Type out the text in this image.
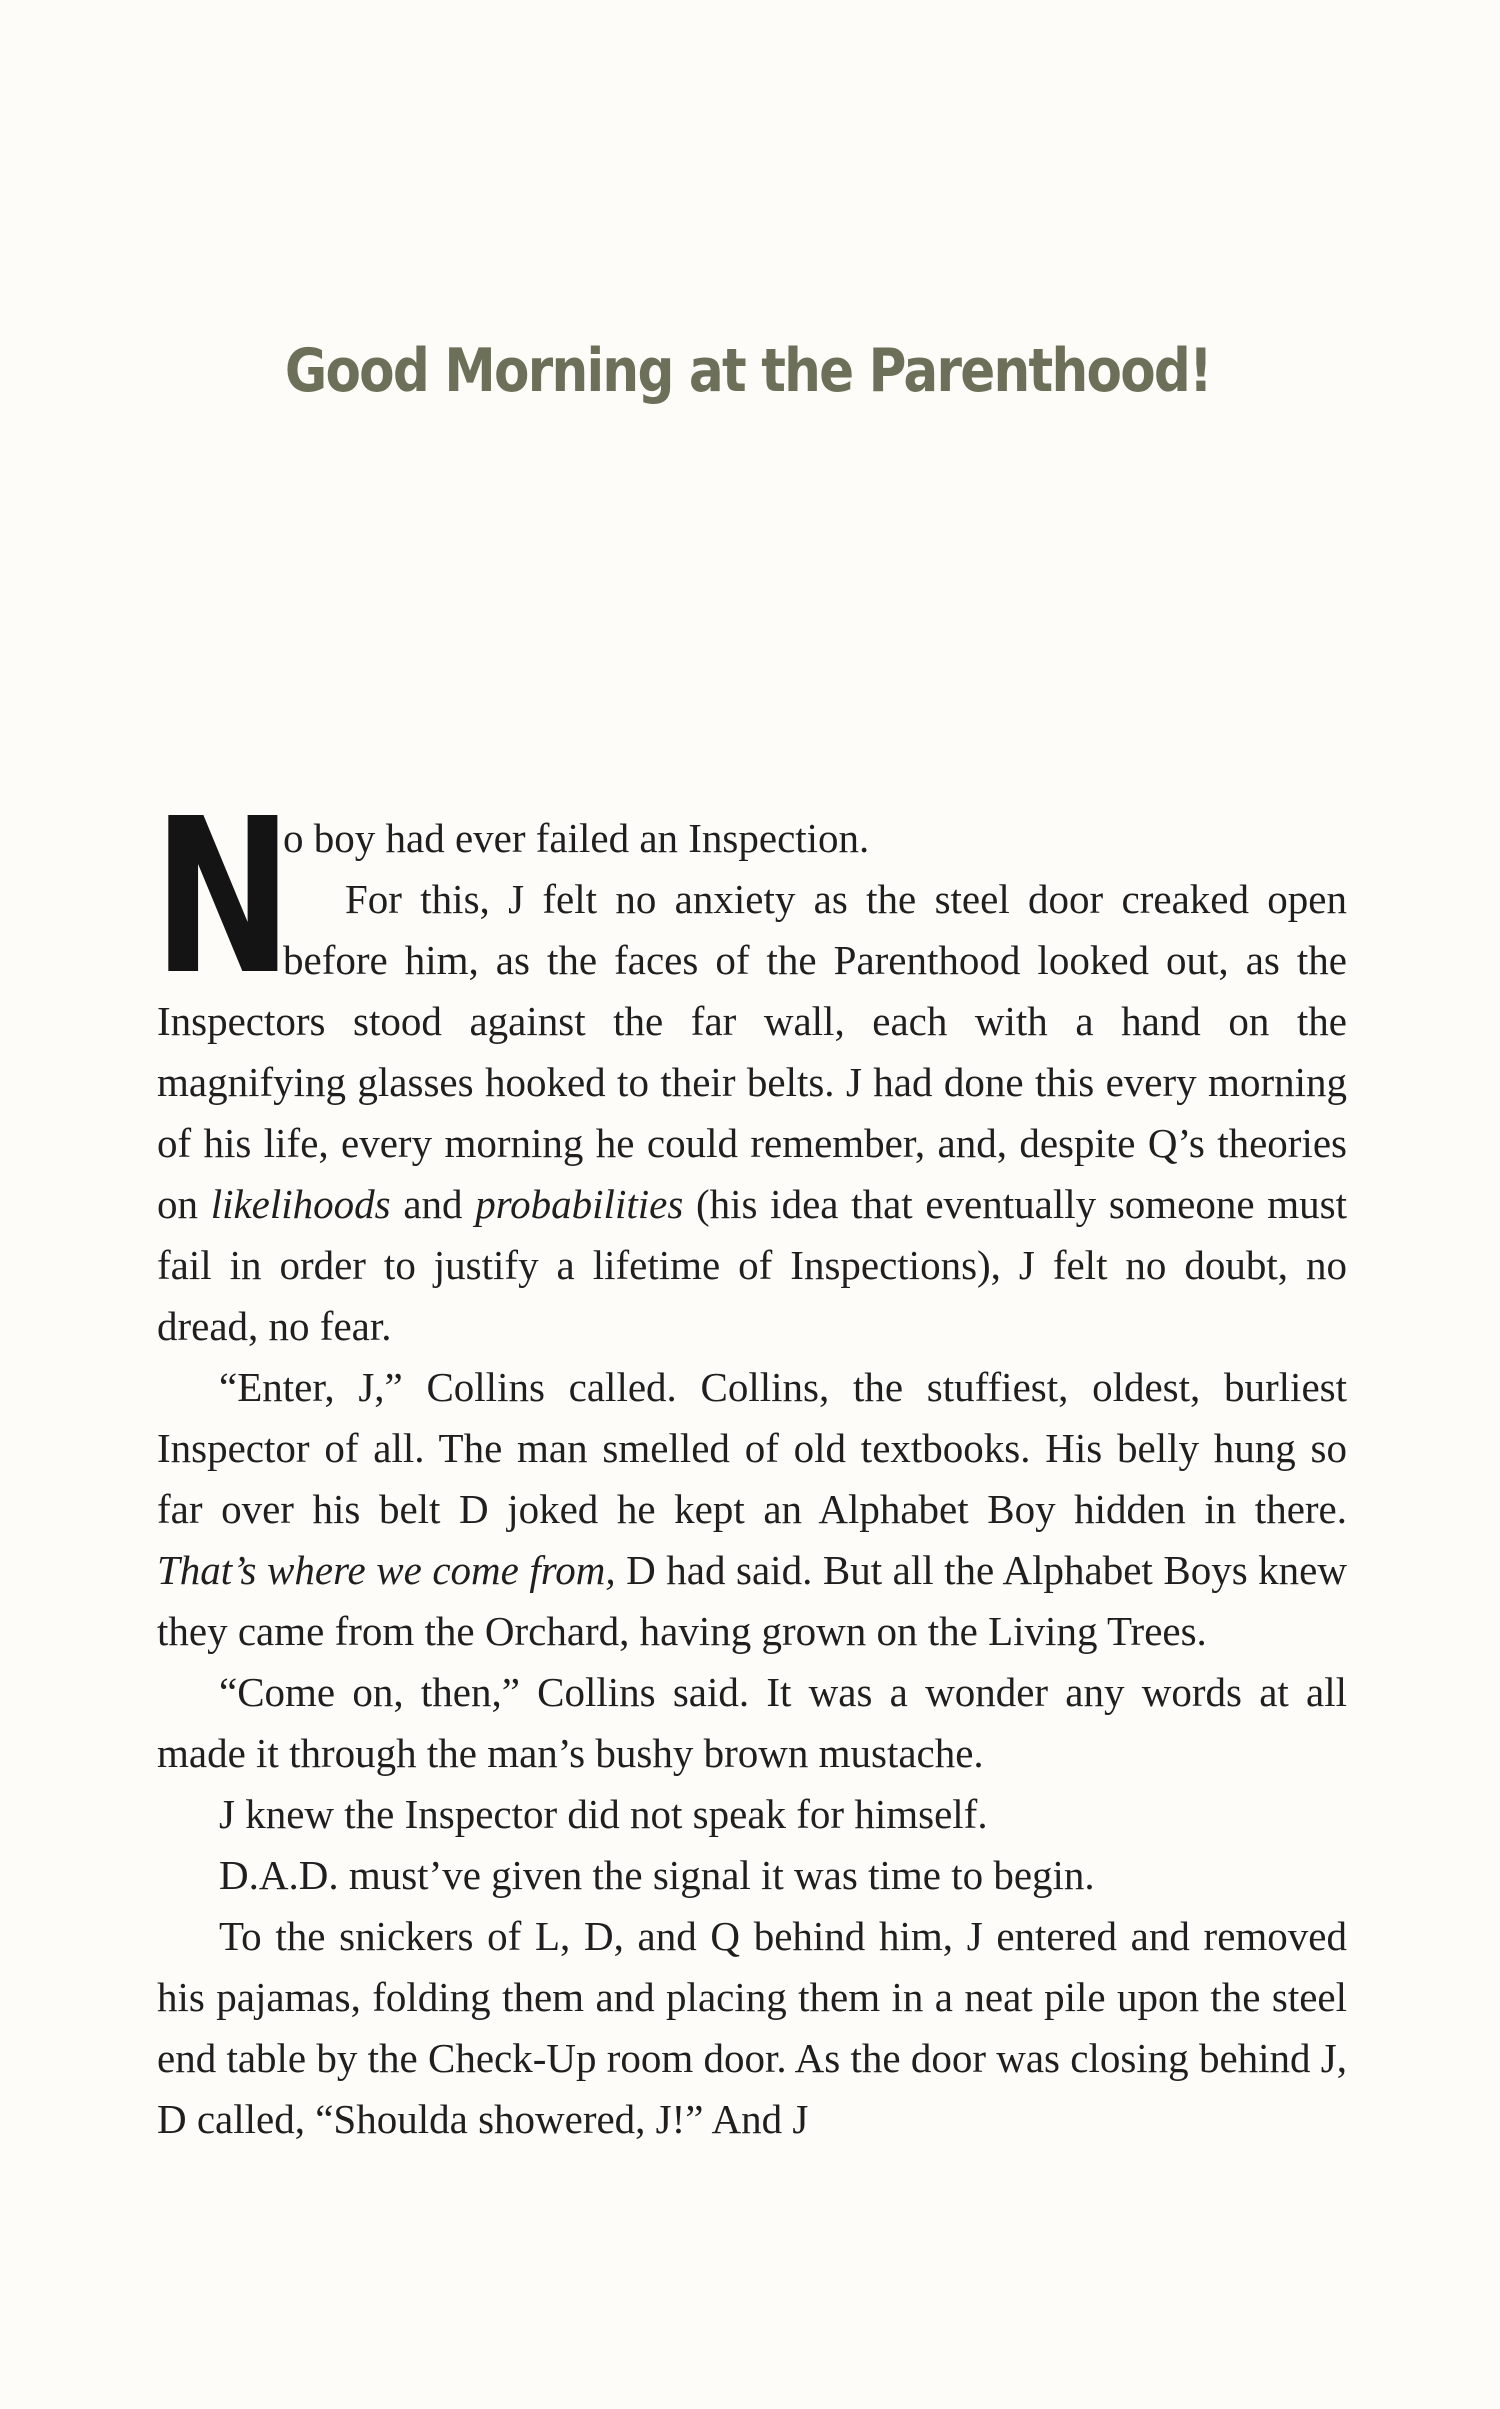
Good Morning at the Parenthood!

N
o boy had ever failed an Inspection.

For this, J felt no anxiety as the steel door creaked open before him, as the faces of the Parenthood looked out, as the Inspectors stood against the far wall, each with a hand on the magnifying glasses hooked to their belts. J had done this every morning of his life, every morning he could remember, and, despite Q’s theories on likelihoods and probabilities (his idea that eventually someone must fail in order to justify a lifetime of Inspections), J felt no doubt, no dread, no fear.

“Enter, J,” Collins called. Collins, the stuffiest, oldest, burliest Inspector of all. The man smelled of old textbooks. His belly hung so far over his belt D joked he kept an Alphabet Boy hidden in there. That’s where we come from, D had said. But all the Alphabet Boys knew they came from the Orchard, having grown on the Living Trees.

“Come on, then,” Collins said. It was a wonder any words at all made it through the man’s bushy brown mustache.

J knew the Inspector did not speak for himself.

D.A.D. must’ve given the signal it was time to begin.

To the snickers of L, D, and Q behind him, J entered and removed his pajamas, folding them and placing them in a neat pile upon the steel end table by the Check-Up room door. As the door was closing behind J, D called, “Shoulda showered, J!” And J
